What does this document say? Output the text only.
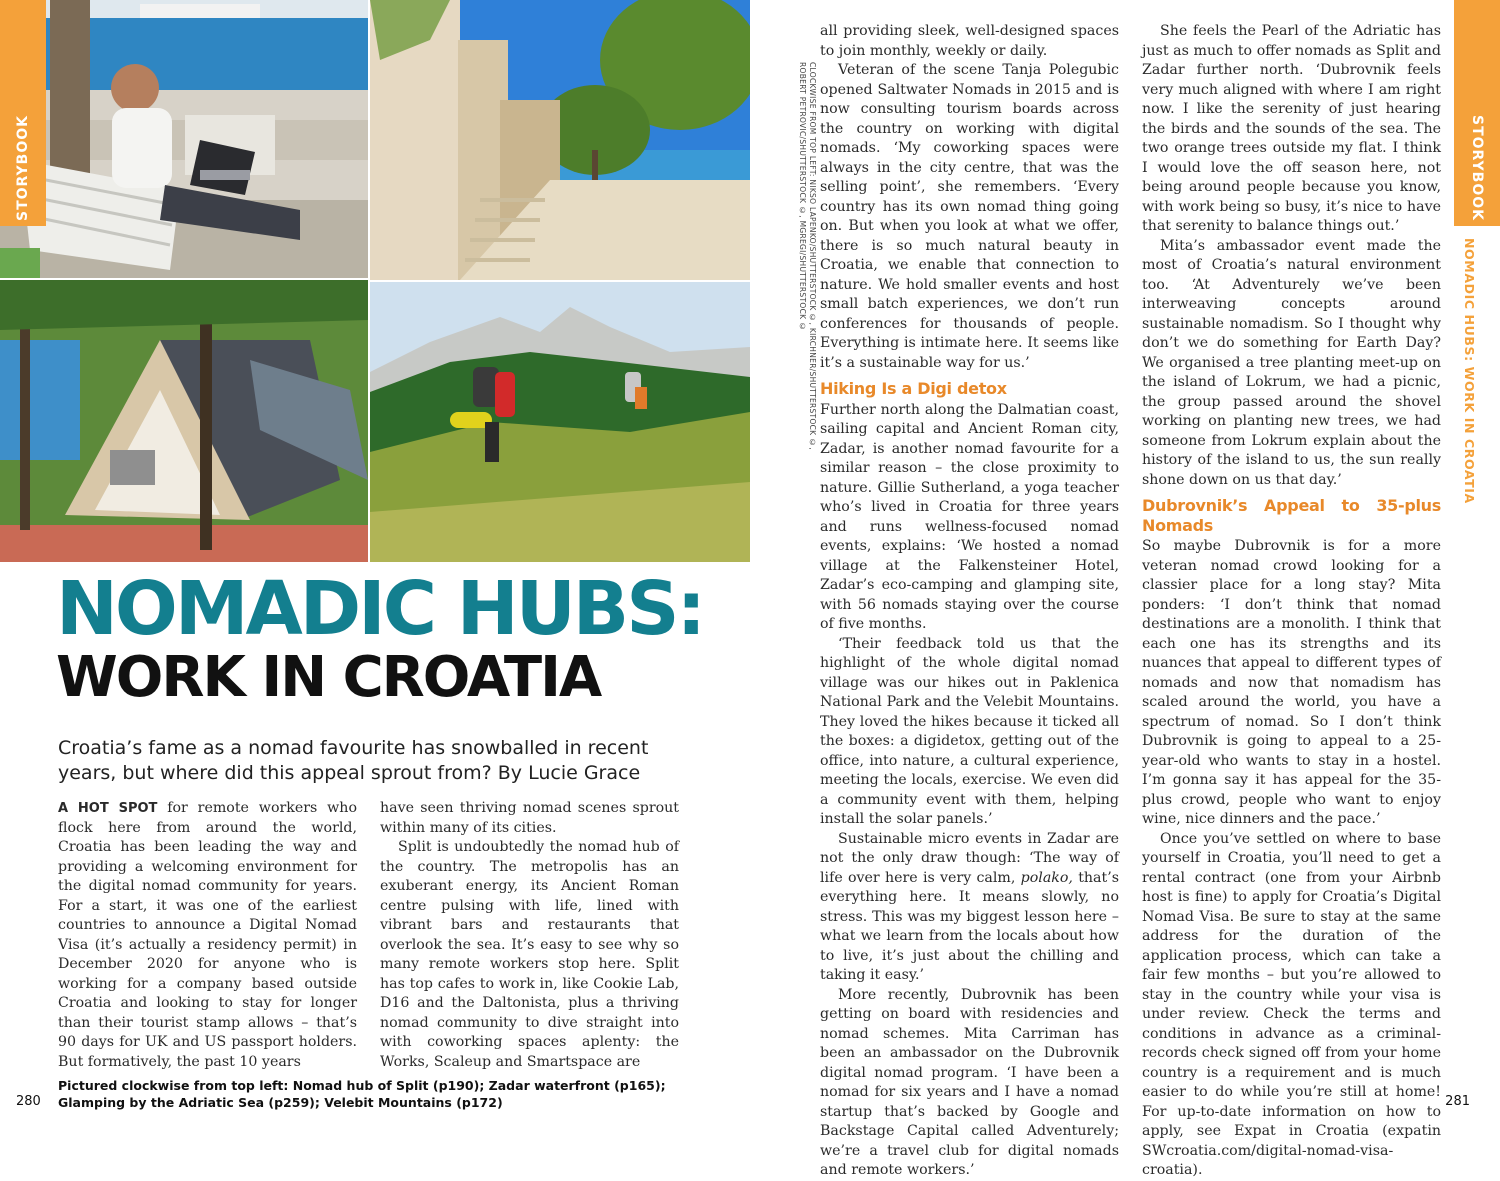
STORYBOOK
NOMADIC HUBS:
WORK IN CROATIA
Croatia’s fame as a nomad favourite has snowballed in recent years, but where did this appeal sprout from? By Lucie Grace

A HOT SPOT for remote workers who flock here from around the world, Croatia has been leading the way and providing a welcoming environment for the digital nomad community for years. For a start, it was one of the earliest countries to announce a Digital Nomad Visa (it’s actually a residency permit) in December 2020 for anyone who is working for a company based outside Croatia and looking to stay for longer than their tourist stamp allows – that’s 90 days for UK and US passport holders. But formatively, the past 10 years

have seen thriving nomad scenes sprout within many of its cities.

Split is undoubtedly the nomad hub of the country. The metropolis has an exuberant energy, its Ancient Roman centre pulsing with life, lined with vibrant bars and restaurants that overlook the sea. It’s easy to see why so many remote workers stop here. Split has top cafes to work in, like Cookie Lab, D16 and the Daltonista, plus a thriving nomad community to dive straight into with coworking spaces aplenty: the Works, Scaleup and Smartspace are

Pictured clockwise from top left: Nomad hub of Split (p190); Zadar waterfront (p165); Glamping by the Adriatic Sea (p259); Velebit Mountains (p172)
280
CLOCKWISE FROM TOP LEFT: NIKSO LAPENKO/SHUTTERSTOCK ©, KIRCHNER/SHUTTERSTOCK ©,
ROBERT PETROVIC/SHUTTERSTOCK ©, MGREGI/SHUTTERSTOCK ©

all providing sleek, well-designed spaces to join monthly, weekly or daily.

Veteran of the scene Tanja Polegubic opened Saltwater Nomads in 2015 and is now consulting tourism boards across the country on working with digital nomads. ‘My coworking spaces were always in the city centre, that was the selling point’, she remembers. ‘Every country has its own nomad thing going on. But when you look at what we offer, there is so much natural beauty in Croatia, we enable that connection to nature. We hold smaller events and host small batch experiences, we don’t run conferences for thousands of people. Everything is intimate here. It seems like it’s a sustainable way for us.’

Hiking Is a Digi detox

Further north along the Dalmatian coast, sailing capital and Ancient Roman city, Zadar, is another nomad favourite for a similar reason – the close proximity to nature. Gillie Sutherland, a yoga teacher who’s lived in Croatia for three years and runs wellness-focused nomad events, explains: ‘We hosted a nomad village at the Falkensteiner Hotel, Zadar’s eco-camping and glamping site, with 56 nomads staying over the course of five months.

‘Their feedback told us that the highlight of the whole digital nomad village was our hikes out in Paklenica National Park and the Velebit Mountains. They loved the hikes because it ticked all the boxes: a digidetox, getting out of the office, into nature, a cultural experience, meeting the locals, exercise. We even did a community event with them, helping install the solar panels.’

Sustainable micro events in Zadar are not the only draw though: ‘The way of life over here is very calm, polako, that’s everything here. It means slowly, no stress. This was my biggest lesson here – what we learn from the locals about how to live, it’s just about the chilling and taking it easy.’

More recently, Dubrovnik has been getting on board with residencies and nomad schemes. Mita Carriman has been an ambassador on the Dubrovnik digital nomad program. ‘I have been a nomad for six years and I have a nomad startup that’s backed by Google and Backstage Capital called Adventurely; we’re a travel club for digital nomads and remote workers.’

She feels the Pearl of the Adriatic has just as much to offer nomads as Split and Zadar further north. ‘Dubrovnik feels very much aligned with where I am right now. I like the serenity of just hearing the birds and the sounds of the sea. The two orange trees outside my flat. I think I would love the off season here, not being around people because you know, with work being so busy, it’s nice to have that serenity to balance things out.’

Mita’s ambassador event made the most of Croatia’s natural environment too. ‘At Adventurely we’ve been interweaving concepts around sustainable nomadism. So I thought why don’t we do something for Earth Day? We organised a tree planting meet-up on the island of Lokrum, we had a picnic, the group passed around the shovel working on planting new trees, we had someone from Lokrum explain about the history of the island to us, the sun really shone down on us that day.’

Dubrovnik’s Appeal to 35-plus Nomads

So maybe Dubrovnik is for a more veteran nomad crowd looking for a classier place for a long stay? Mita ponders: ‘I don’t think that nomad destinations are a monolith. I think that each one has its strengths and its nuances that appeal to different types of nomads and now that nomadism has scaled around the world, you have a spectrum of nomad. So I don’t think Dubrovnik is going to appeal to a 25-year-old who wants to stay in a hostel. I’m gonna say it has appeal for the 35-plus crowd, people who want to enjoy wine, nice dinners and the pace.’

Once you’ve settled on where to base yourself in Croatia, you’ll need to get a rental contract (one from your Airbnb host is fine) to apply for Croatia’s Digital Nomad Visa. Be sure to stay at the same address for the duration of the application process, which can take a fair few months – but you’re allowed to stay in the country while your visa is under review. Check the terms and conditions in advance as a criminal-records check signed off from your home country is a requirement and is much easier to do while you’re still at home! For up-to-date information on how to apply, see Expat in Croatia (expatin SWcroatia.com/digital-nomad-visa-croatia).

STORYBOOK
NOMADIC HUBS: WORK IN CROATIA
281
